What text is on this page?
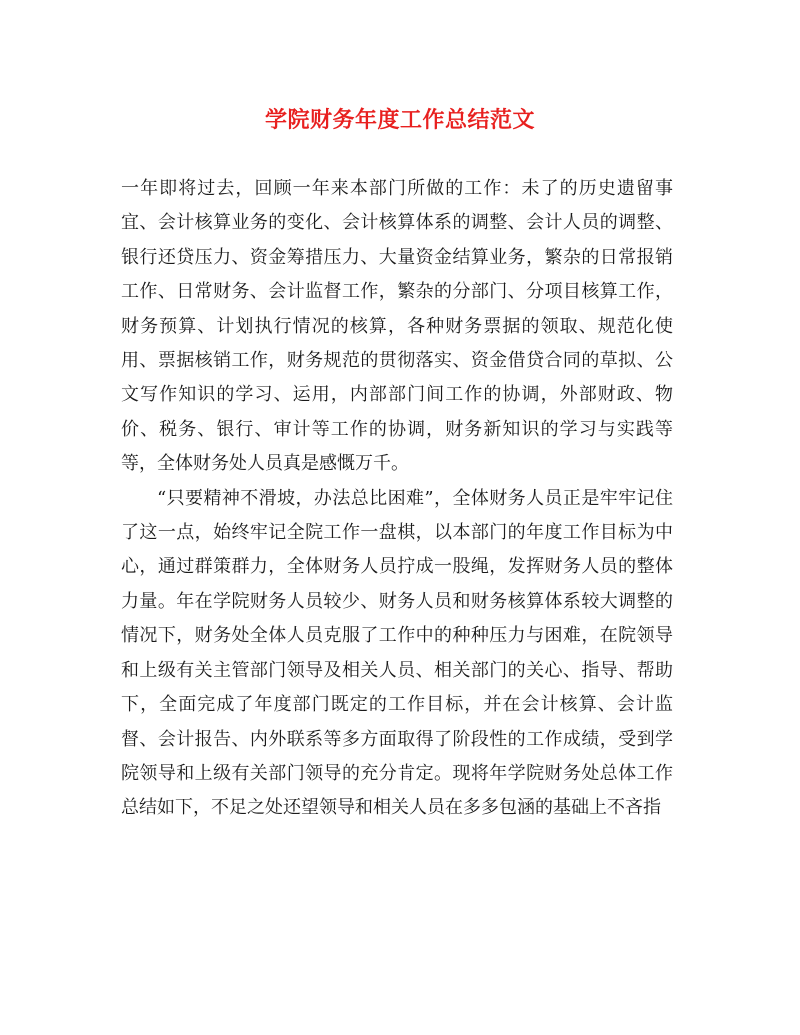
学院财务年度工作总结范文

一年即将过去，回顾一年来本部门所做的工作：未了的历史遗留事宜、会计核算业务的变化、会计核算体系的调整、会计人员的调整、银行还贷压力、资金筹措压力、大量资金结算业务，繁杂的日常报销工作、日常财务、会计监督工作，繁杂的分部门、分项目核算工作，财务预算、计划执行情况的核算，各种财务票据的领取、规范化使用、票据核销工作，财务规范的贯彻落实、资金借贷合同的草拟、公文写作知识的学习、运用，内部部门间工作的协调，外部财政、物价、税务、银行、审计等工作的协调，财务新知识的学习与实践等等，全体财务处人员真是感慨万千。

“只要精神不滑坡，办法总比困难”，全体财务人员正是牢牢记住了这一点，始终牢记全院工作一盘棋，以本部门的年度工作目标为中心，通过群策群力，全体财务人员拧成一股绳，发挥财务人员的整体力量。年在学院财务人员较少、财务人员和财务核算体系较大调整的情况下，财务处全体人员克服了工作中的种种压力与困难，在院领导和上级有关主管部门领导及相关人员、相关部门的关心、指导、帮助下，全面完成了年度部门既定的工作目标，并在会计核算、会计监督、会计报告、内外联系等多方面取得了阶段性的工作成绩，受到学院领导和上级有关部门领导的充分肯定。现将年学院财务处总体工作总结如下，不足之处还望领导和相关人员在多多包涵的基础上不吝指
